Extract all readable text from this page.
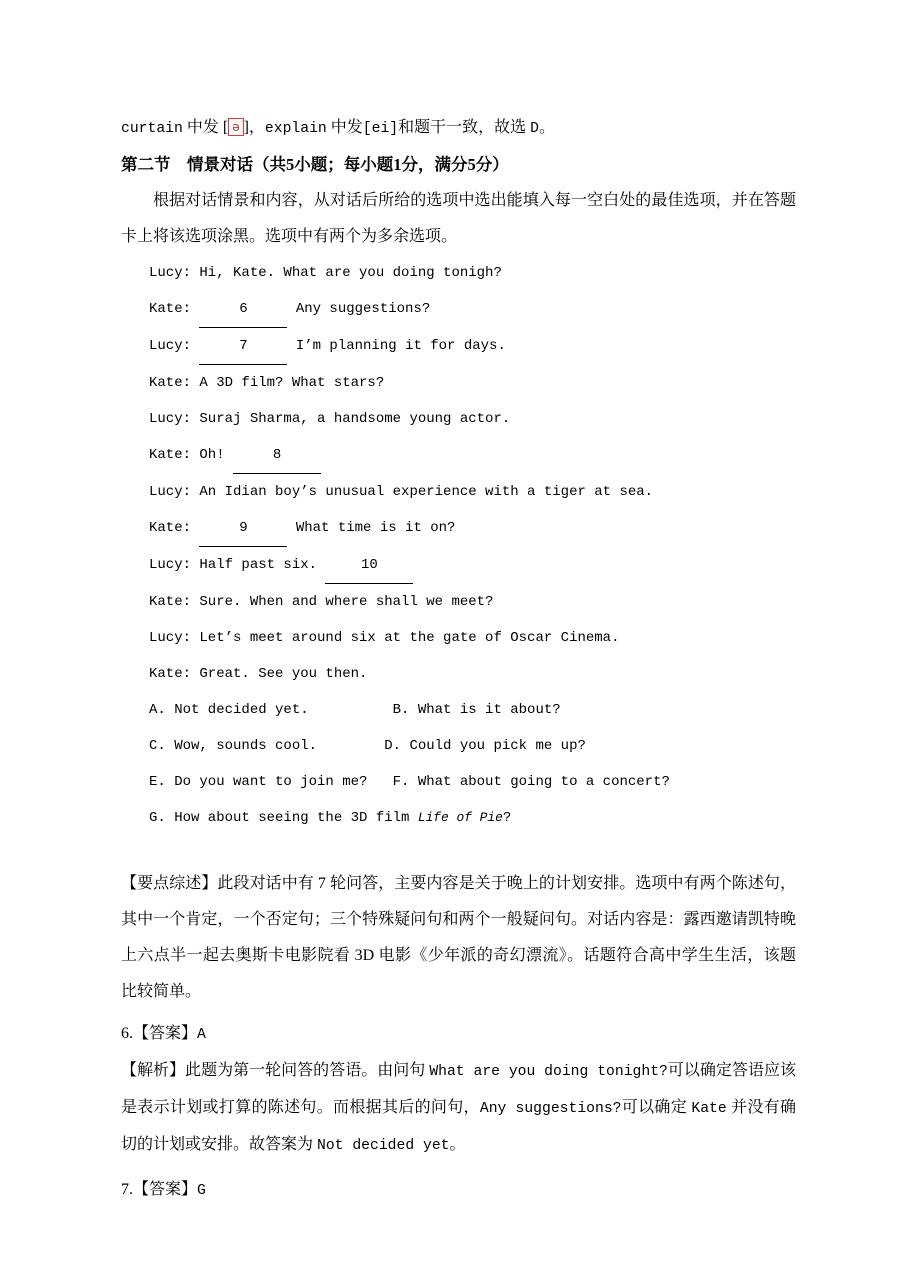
curtain 中发 [ ə ]，explain 中发[ei]和题干一致，故选 D。

第二节　情景对话（共5小题；每小题1分，满分5分）

根据对话情景和内容，从对话后所给的选项中选出能填入每一空白处的最佳选项，并在答题卡上将该选项涂黑。选项中有两个为多余选项。

Lucy: Hi, Kate. What are you doing tonigh?

Kate:	6	Any suggestions?

Lucy:	7	I’m planning it for days.

Kate: A 3D film? What stars?

Lucy: Suraj Sharma, a handsome young actor.

Kate: Oh!	8

Lucy: An Idian boy’s unusual experience with a tiger at sea.

Kate:	9	What time is it on?

Lucy: Half past six.	10

Kate: Sure. When and where shall we meet?

Lucy: Let’s meet around six at the gate of Oscar Cinema.

Kate: Great. See you then.

A. Not decided yet.          B. What is it about?

C. Wow, sounds cool.        D. Could you pick me up?

E. Do you want to join me?   F. What about going to a concert?

G. How about seeing the 3D film Life of Pie?

【要点综述】此段对话中有 7 轮问答，主要内容是关于晚上的计划安排。选项中有两个陈述句，其中一个肯定，一个否定句；三个特殊疑问句和两个一般疑问句。对话内容是：露西邀请凯特晚上六点半一起去奥斯卡电影院看 3D 电影《少年派的奇幻漂流》。话题符合高中学生生活，该题比较简单。

6.【答案】A

【解析】此题为第一轮问答的答语。由问句 What are you doing tonight?可以确定答语应该是表示计划或打算的陈述句。而根据其后的问句，Any suggestions?可以确定 Kate 并没有确切的计划或安排。故答案为 Not decided yet。

7.【答案】G
